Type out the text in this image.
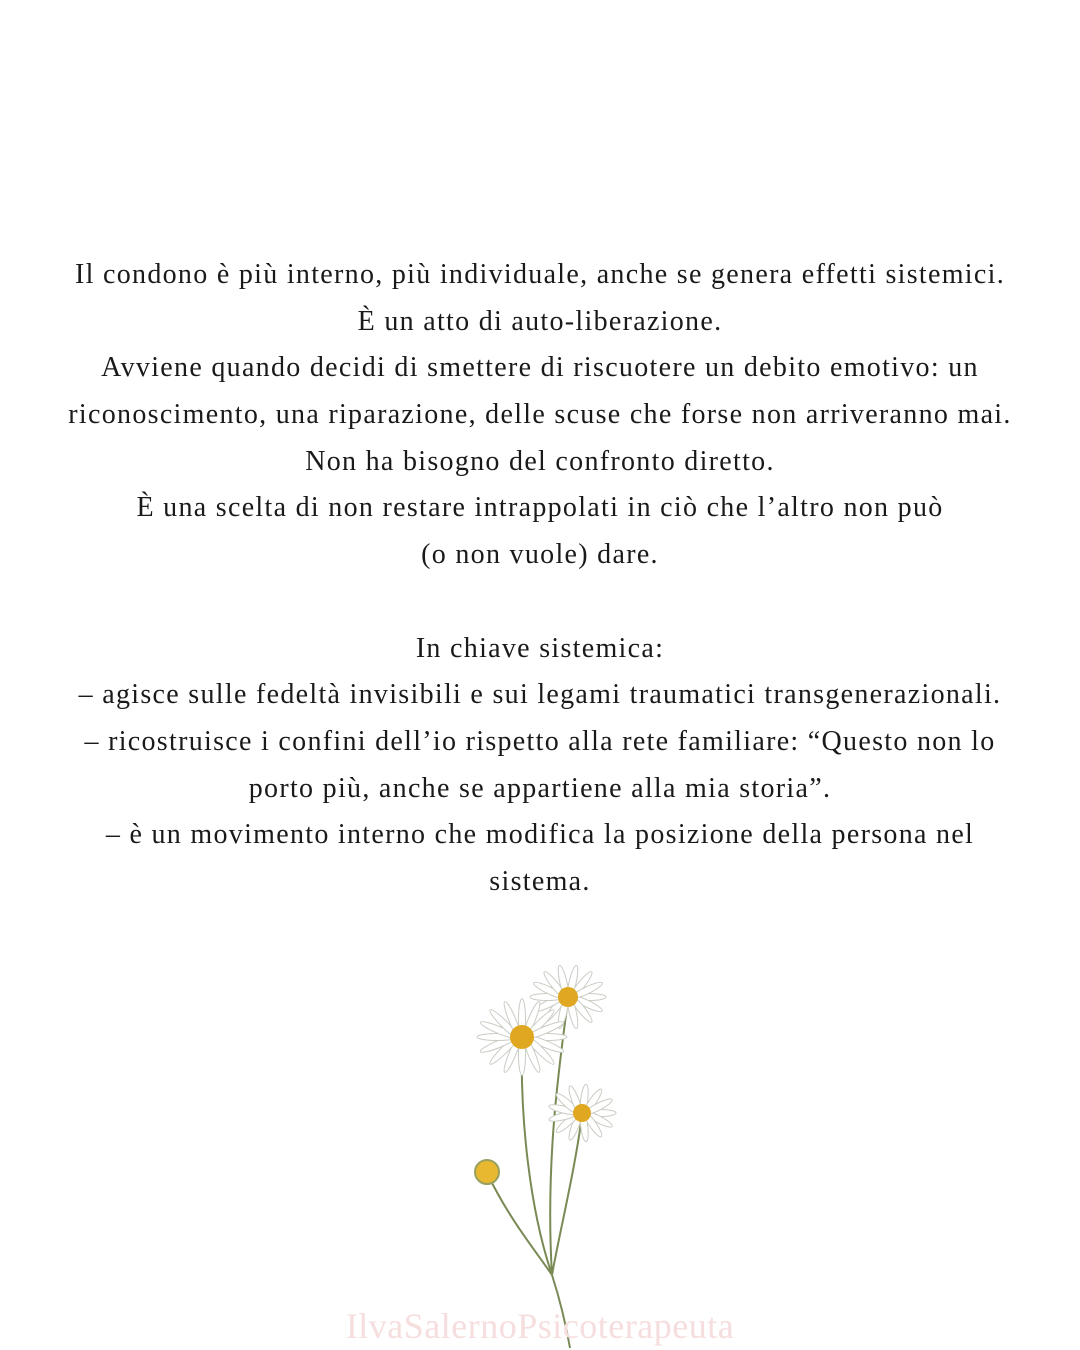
Il condono è più interno, più individuale, anche se genera effetti sistemici.
È un atto di auto-liberazione.
Avviene quando decidi di smettere di riscuotere un debito emotivo: un
riconoscimento, una riparazione, delle scuse che forse non arriveranno mai.
Non ha bisogno del confronto diretto.
È una scelta di non restare intrappolati in ciò che l’altro non può
(o non vuole) dare.
In chiave sistemica:
– agisce sulle fedeltà invisibili e sui legami traumatici transgenerazionali.
– ricostruisce i confini dell’io rispetto alla rete familiare: “Questo non lo
porto più, anche se appartiene alla mia storia”.
– è un movimento interno che modifica la posizione della persona nel
sistema.
IlvaSalernoPsicoterapeuta
